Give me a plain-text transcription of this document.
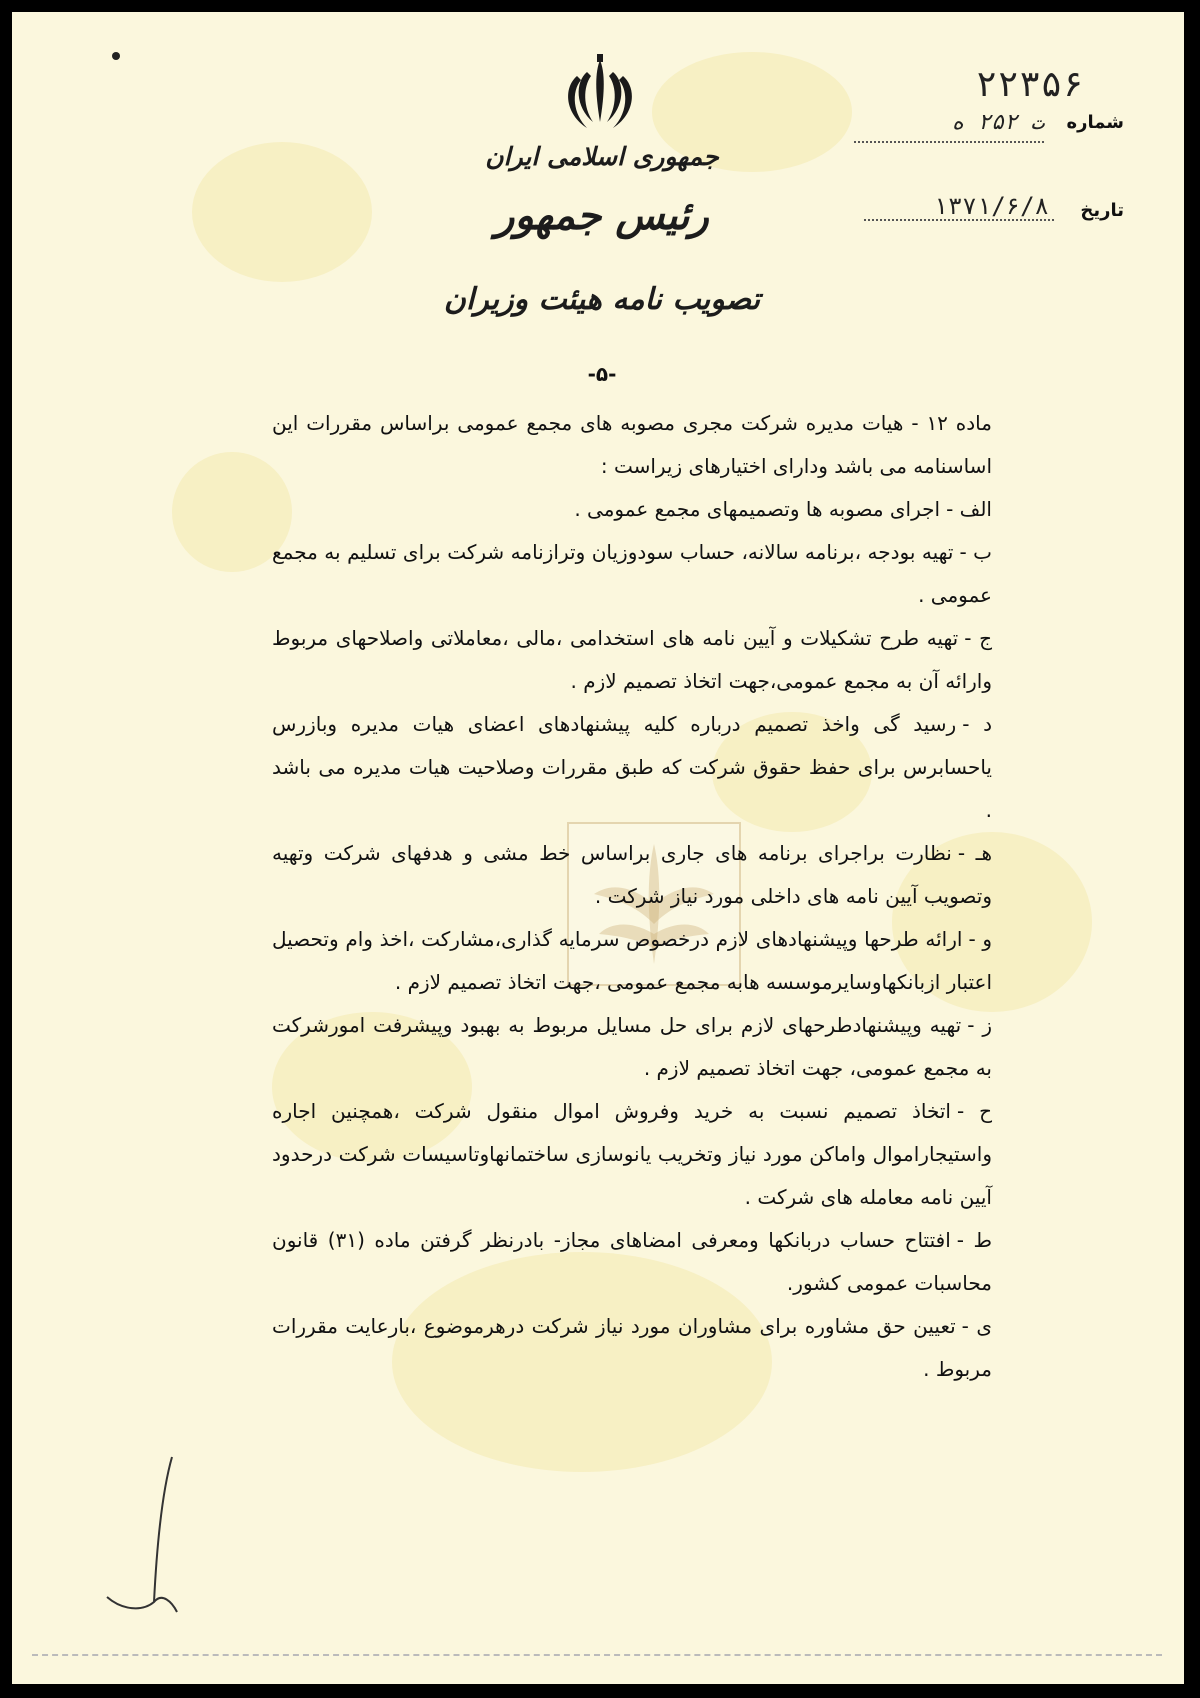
جمهوری اسلامی ایران
رئیس جمهور
تصویب نامه هیئت وزیران
۲۲۳۵۶
شماره
ت ۲۵۲ ه
تاریخ
۱۳۷۱/۶/۸
-۵-

ماده ۱۲ - هیات مدیره شرکت مجری مصوبه های مجمع عمومی براساس مقررات این اساسنامه می باشد ودارای اختیارهای زیراست :

الف -اجرای مصوبه ها وتصمیمهای مجمع عمومی .

ب -تهیه بودجه ،برنامه سالانه، حساب سودوزیان وترازنامه شرکت برای تسلیم به مجمع عمومی .

ج -تهیه طرح تشکیلات و آیین نامه های استخدامی ،مالی ،معاملاتی واصلاحهای مربوط وارائه آن به مجمع عمومی،جهت اتخاذ تصمیم لازم .

د -رسید گی واخذ تصمیم درباره کلیه پیشنهادهای اعضای هیات مدیره وبازرس یاحسابرس برای حفظ حقوق شرکت که طبق مقررات وصلاحیت هیات مدیره می باشد .

هـ -نظارت براجرای برنامه های جاری براساس خط مشی و هدفهای شرکت وتهیه وتصویب آیین نامه های داخلی مورد نیاز شرکت .

و -ارائه طرحها وپیشنهادهای لازم درخصوص سرمایه گذاری،مشارکت ،اخذ وام وتحصیل اعتبار ازبانکهاوسایرموسسه هابه مجمع عمومی ،جهت اتخاذ تصمیم لازم .

ز -تهیه وپیشنهادطرحهای لازم برای حل مسایل مربوط به بهبود وپیشرفت امورشرکت به مجمع عمومی، جهت اتخاذ تصمیم لازم .

ح -اتخاذ تصمیم نسبت به خرید وفروش اموال منقول شرکت ،همچنین اجاره واستیجاراموال واماکن مورد نیاز وتخریب یانوسازی ساختمانهاوتاسیسات شرکت درحدود آیین نامه معامله های شرکت .

ط -افتتاح حساب دربانکها ومعرفی امضاهای مجاز- بادرنظر گرفتن ماده (۳۱) قانون محاسبات عمومی کشور.

ی -تعیین حق مشاوره برای مشاوران مورد نیاز شرکت درهرموضوع ،بارعایت مقررات مربوط .
